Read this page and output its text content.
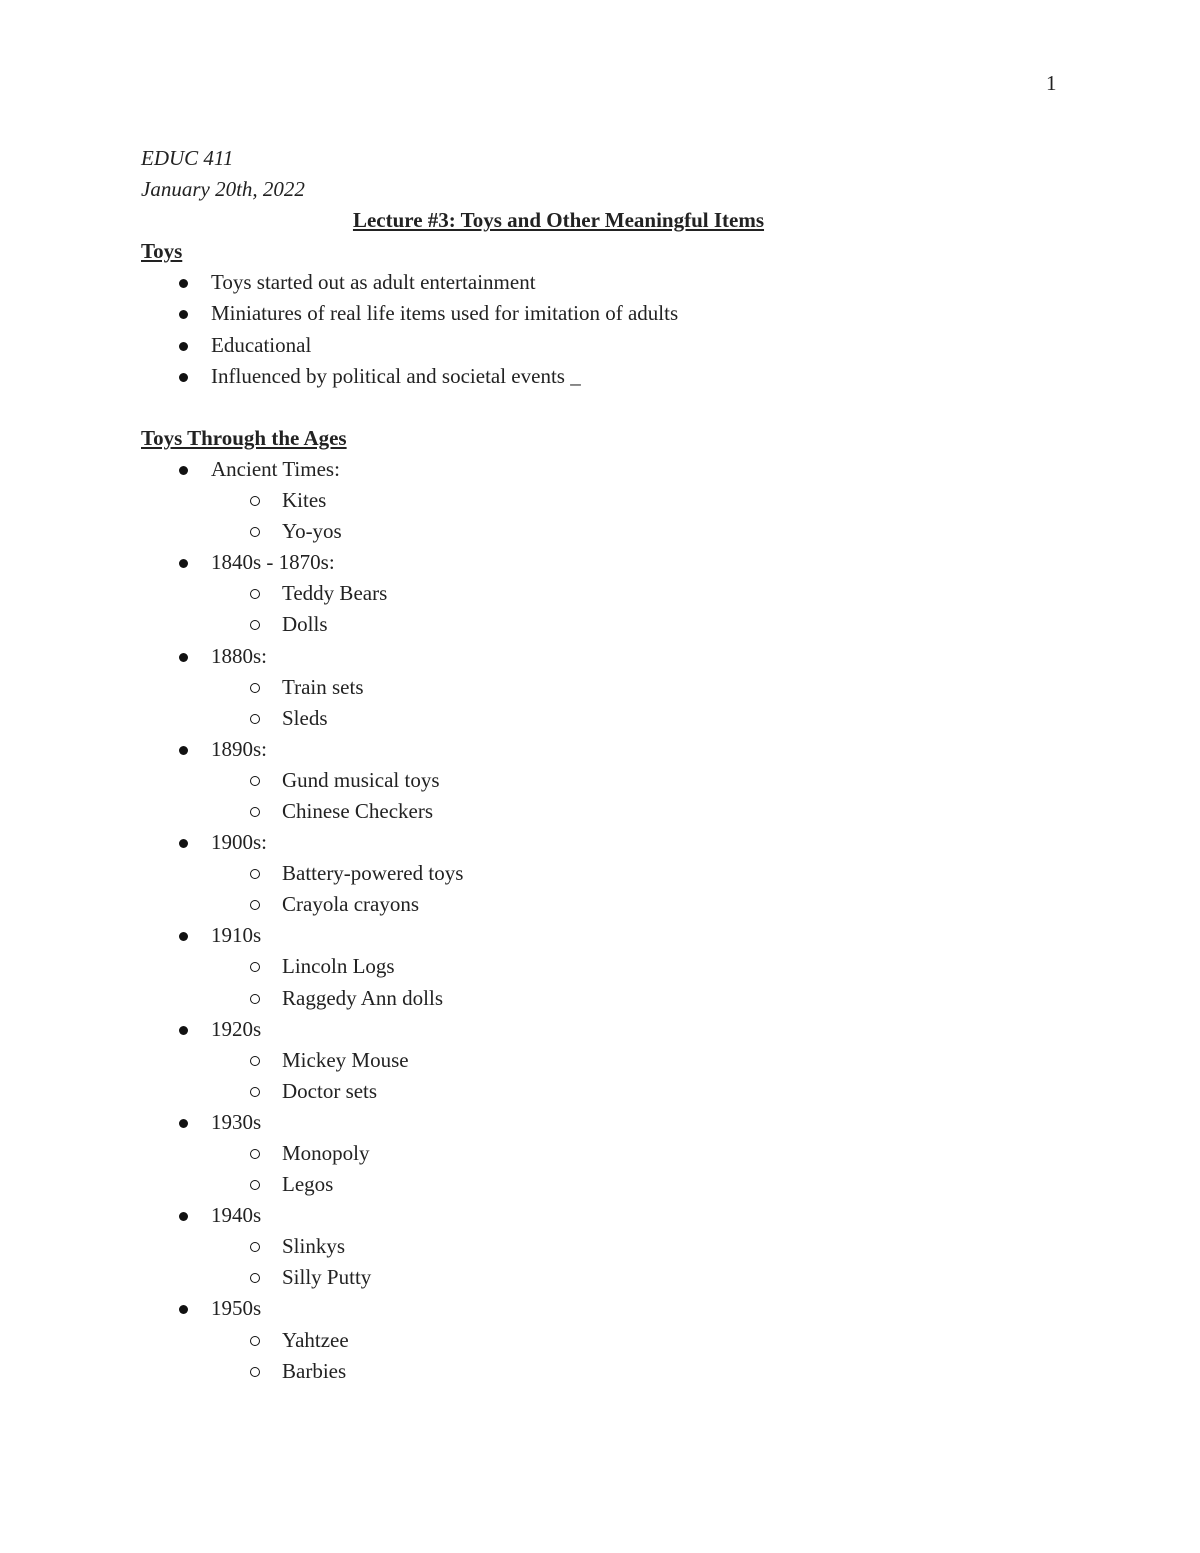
1
EDUC 411
January 20th, 2022
Lecture #3: Toys and Other Meaningful Items
Toys
Toys started out as adult entertainment
Miniatures of real life items used for imitation of adults
Educational
Influenced by political and societal events _
Toys Through the Ages
Ancient Times:
Kites
Yo-yos
1840s - 1870s:
Teddy Bears
Dolls
1880s:
Train sets
Sleds
1890s:
Gund musical toys
Chinese Checkers
1900s:
Battery-powered toys
Crayola crayons
1910s
Lincoln Logs
Raggedy Ann dolls
1920s
Mickey Mouse
Doctor sets
1930s
Monopoly
Legos
1940s
Slinkys
Silly Putty
1950s
Yahtzee
Barbies
